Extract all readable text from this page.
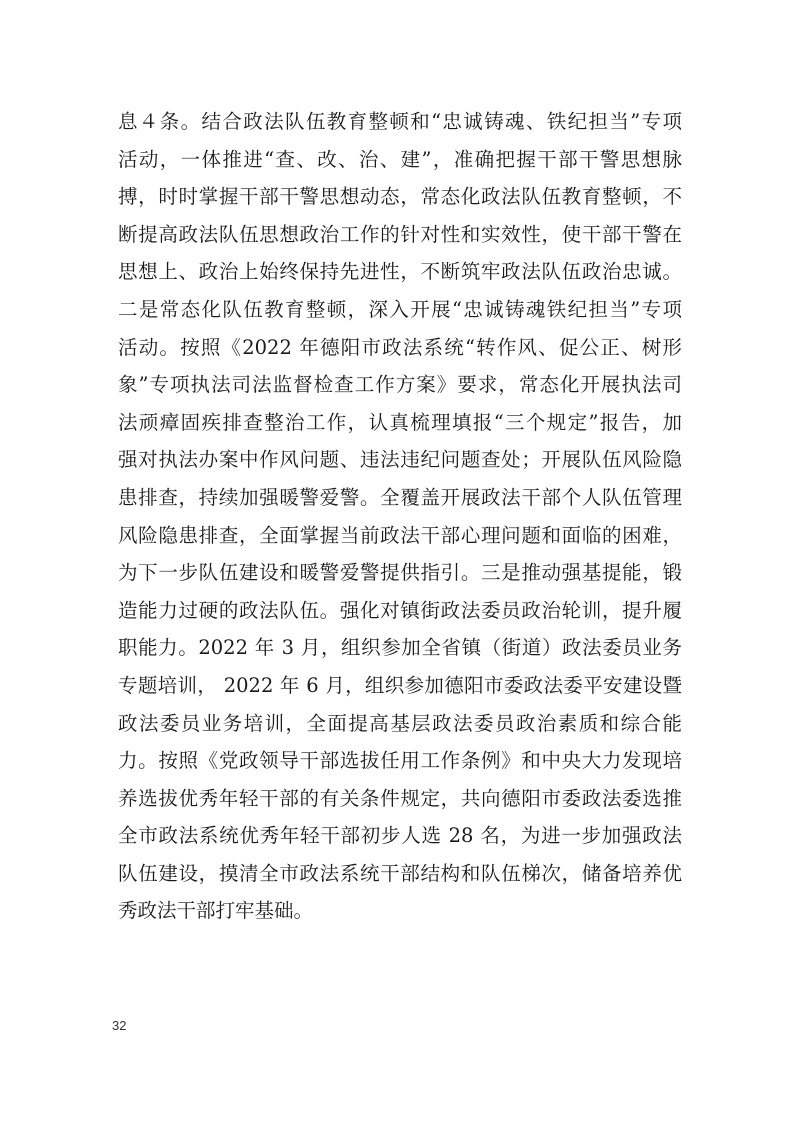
息４条。结合政法队伍教育整顿和“忠诚铸魂、铁纪担当”专项
活动，一体推进“查、改、治、建”，准确把握干部干警思想脉
搏，时时掌握干部干警思想动态，常态化政法队伍教育整顿，不
断提高政法队伍思想政治工作的针对性和实效性，使干部干警在
思想上、政治上始终保持先进性，不断筑牢政法队伍政治忠诚。
二是常态化队伍教育整顿，深入开展“忠诚铸魂铁纪担当”专项
活动。按照《2022 年德阳市政法系统“转作风、促公正、树形
象”专项执法司法监督检查工作方案》要求，常态化开展执法司
法顽瘴固疾排查整治工作，认真梳理填报“三个规定”报告，加
强对执法办案中作风问题、违法违纪问题查处；开展队伍风险隐
患排查，持续加强暖警爱警。全覆盖开展政法干部个人队伍管理
风险隐患排查，全面掌握当前政法干部心理问题和面临的困难，
为下一步队伍建设和暖警爱警提供指引。三是推动强基提能，锻
造能力过硬的政法队伍。强化对镇街政法委员政治轮训，提升履
职能力。2022 年 3 月，组织参加全省镇（街道）政法委员业务
专题培训， 2022 年 6 月，组织参加德阳市委政法委平安建设暨
政法委员业务培训，全面提高基层政法委员政治素质和综合能
力。按照《党政领导干部选拔任用工作条例》和中央大力发现培
养选拔优秀年轻干部的有关条件规定，共向德阳市委政法委选推
全市政法系统优秀年轻干部初步人选 28 名，为进一步加强政法
队伍建设，摸清全市政法系统干部结构和队伍梯次，储备培养优
秀政法干部打牢基础。
32
